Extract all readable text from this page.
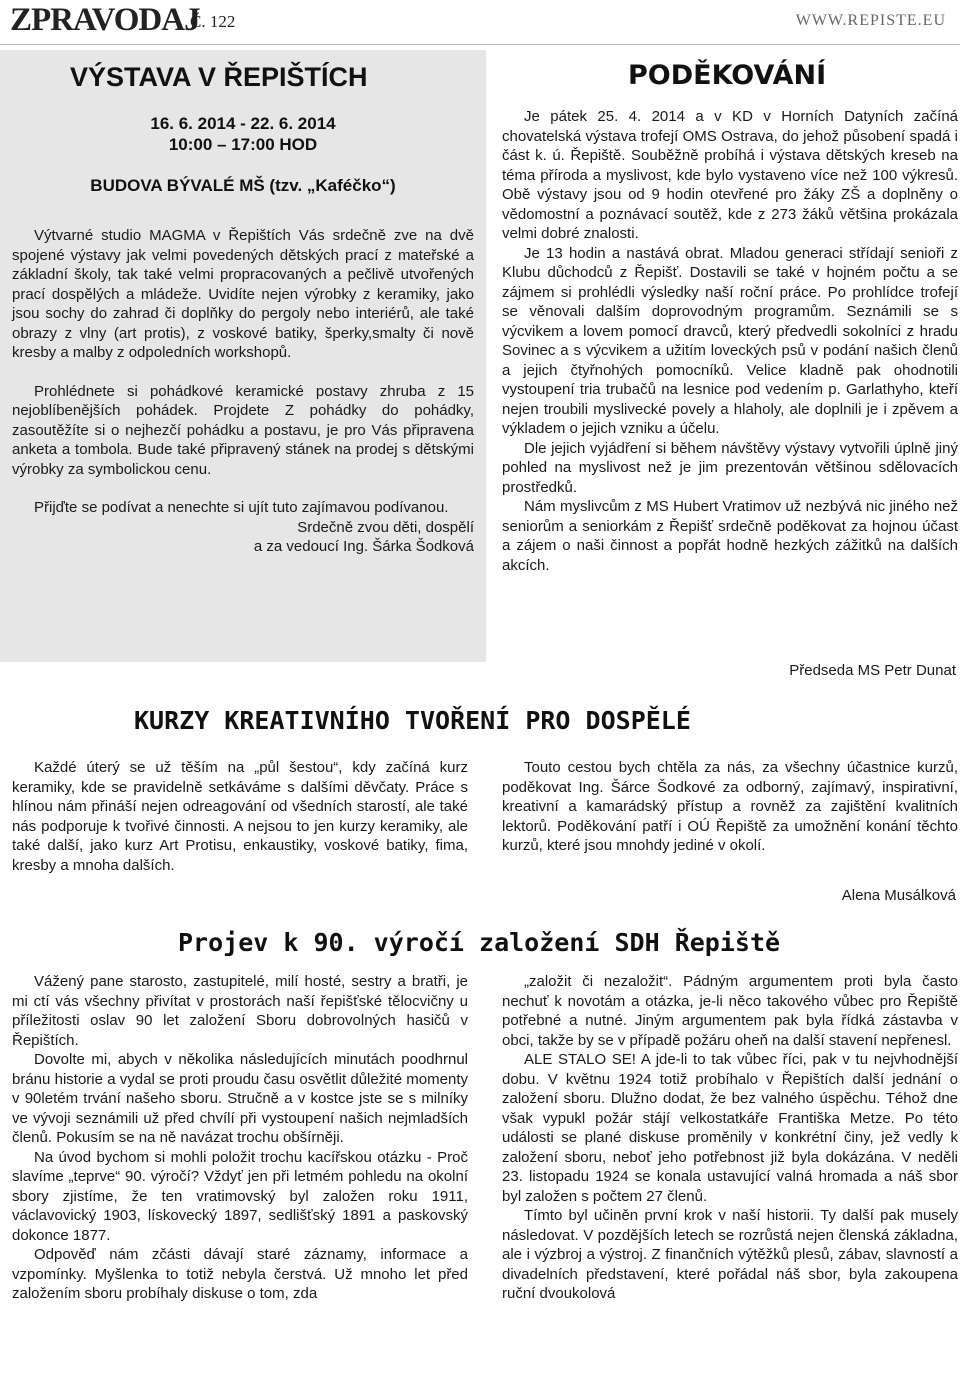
ZPRAVODAJ
Č. 122	WWW.REPISTE.EU
VÝSTAVA V ŘEPIŠTÍCH
16. 6. 2014 - 22. 6. 2014
10:00 – 17:00 HOD
BUDOVA BÝVALÉ MŠ (tzv. „Kaféčko“)

Výtvarné studio MAGMA v Řepištích Vás srdečně zve na dvě spojené výstavy jak velmi povedených dětských prací z mateřské a základní školy, tak také velmi propracovaných a pečlivě utvořených prací dospělých a mládeže. Uvidíte nejen výrobky z keramiky, jako jsou sochy do zahrad či doplňky do pergoly nebo interiérů, ale také obrazy z vlny (art protis), z voskové batiky, šperky,smalty či nově kresby a malby z odpoledních workshopů.

Prohlédnete si pohádkové keramické postavy zhruba z 15 nejoblíbenějších pohádek. Projdete Z pohádky do pohádky, zasoutěžíte si o nejhezčí pohádku a postavu, je pro Vás připravena anketa a tombola. Bude také připravený stánek na prodej s dětskými výrobky za symbolickou cenu.

Přijďte se podívat a nenechte si ujít tuto zajímavou podívanou.

Srdečně zvou děti, dospělí

a za vedoucí Ing. Šárka Šodková

PODĚKOVÁNÍ

Je pátek 25. 4. 2014 a v KD v Horních Datyních začíná chovatelská výstava trofejí OMS Ostrava, do jehož působení spadá i část k. ú. Řepiště. Souběžně probíhá i výstava dětských kreseb na téma příroda a myslivost, kde bylo vystaveno více než 100 výkresů. Obě výstavy jsou od 9 hodin otevřené pro žáky ZŠ a doplněny o vědomostní a poznávací soutěž, kde z 273 žáků většina prokázala velmi dobré znalosti.

Je 13 hodin a nastává obrat. Mladou generaci střídají senioři z Klubu důchodců z Řepišť. Dostavili se také v hojném počtu a se zájmem si prohlédli výsledky naší roční práce. Po prohlídce trofejí se věnovali dalším doprovodným programům. Seznámili se s výcvikem a lovem pomocí dravců, který předvedli sokolníci z hradu Sovinec a s výcvikem a užitím loveckých psů v podání našich členů a jejich čtyřnohých pomocníků. Velice kladně pak ohodnotili vystoupení tria trubačů na lesnice pod vedením p. Garlathyho, kteří nejen troubili myslivecké povely a hlaholy, ale doplnili je i zpěvem a výkladem o jejich vzniku a účelu.

Dle jejich vyjádření si během návštěvy výstavy vytvořili úplně jiný pohled na myslivost než je jim prezentován většinou sdělovacích prostředků.

Nám myslivcům z MS Hubert Vratimov už nezbývá nic jiného než seniorům a seniorkám z Řepišť srdečně poděkovat za hojnou účast a zájem o naši činnost a popřát hodně hezkých zážitků na dalších akcích.

Předseda MS Petr Dunat
KURZY KREATIVNÍHO TVOŘENÍ PRO DOSPĚLÉ

Každé úterý se už těším na „půl šestou“, kdy začíná kurz keramiky, kde se pravidelně setkáváme s dalšími děvčaty. Práce s hlínou nám přináší nejen odreagování od všedních starostí, ale také nás podporuje k tvořivé činnosti. A nejsou to jen kurzy keramiky, ale také další, jako kurz Art Protisu, enkaustiky, voskové batiky, fima, kresby a mnoha dalších.

Touto cestou bych chtěla za nás, za všechny účastnice kurzů, poděkovat Ing. Šárce Šodkové za odborný, zajímavý, inspirativní, kreativní a kamarádský přístup a rovněž za zajištění kvalitních lektorů. Poděkování patří i OÚ Řepiště za umožnění konání těchto kurzů, které jsou mnohdy jediné v okolí.

Alena Musálková
Projev k 90. výročí založení SDH Řepiště

Vážený pane starosto, zastupitelé, milí hosté, sestry a bratři, je mi ctí vás všechny přivítat v prostorách naší řepišťské tělocvičny u příležitosti oslav 90 let založení Sboru dobrovolných hasičů v Řepištích.

Dovolte mi, abych v několika následujících minutách poodhrnul bránu historie a vydal se proti proudu času osvětlit důležité momenty v 90letém trvání našeho sboru. Stručně a v kostce jste se s milníky ve vývoji seznámili už před chvílí při vystoupení našich nejmladších členů. Pokusím se na ně navázat trochu obšírněji.

Na úvod bychom si mohli položit trochu kacířskou otázku - Proč slavíme „teprve“ 90. výročí? Vždyť jen při letmém pohledu na okolní sbory zjistíme, že ten vratimovský byl založen roku 1911, václavovický 1903, lískovecký 1897, sedlišťský 1891 a paskovský dokonce 1877.

Odpověď nám zčásti dávají staré záznamy, informace a vzpomínky. Myšlenka to totiž nebyla čerstvá. Už mnoho let před založením sboru probíhaly diskuse o tom, zda

„založit či nezaložit“. Pádným argumentem proti byla často nechuť k novotám a otázka, je-li něco takového vůbec pro Řepiště potřebné a nutné. Jiným argumentem pak byla řídká zástavba v obci, takže by se v případě požáru oheň na další stavení nepřenesl.

ALE STALO SE! A jde-li to tak vůbec říci, pak v tu nejvhodnější dobu. V květnu 1924 totiž probíhalo v Řepištích další jednání o založení sboru. Dlužno dodat, že bez valného úspěchu. Téhož dne však vypukl požár stájí velkostatkáře Františka Metze. Po této události se plané diskuse proměnily v konkrétní činy, jež vedly k založení sboru, neboť jeho potřebnost již byla dokázána. V neděli 23. listopadu 1924 se konala ustavující valná hromada a náš sbor byl založen s počtem 27 členů.

Tímto byl učiněn první krok v naší historii. Ty další pak musely následovat. V pozdějších letech se rozrůstá nejen členská základna, ale i výzbroj a výstroj. Z finančních výtěžků plesů, zábav, slavností a divadelních představení, které pořádal náš sbor, byla zakoupena ruční dvoukolová
